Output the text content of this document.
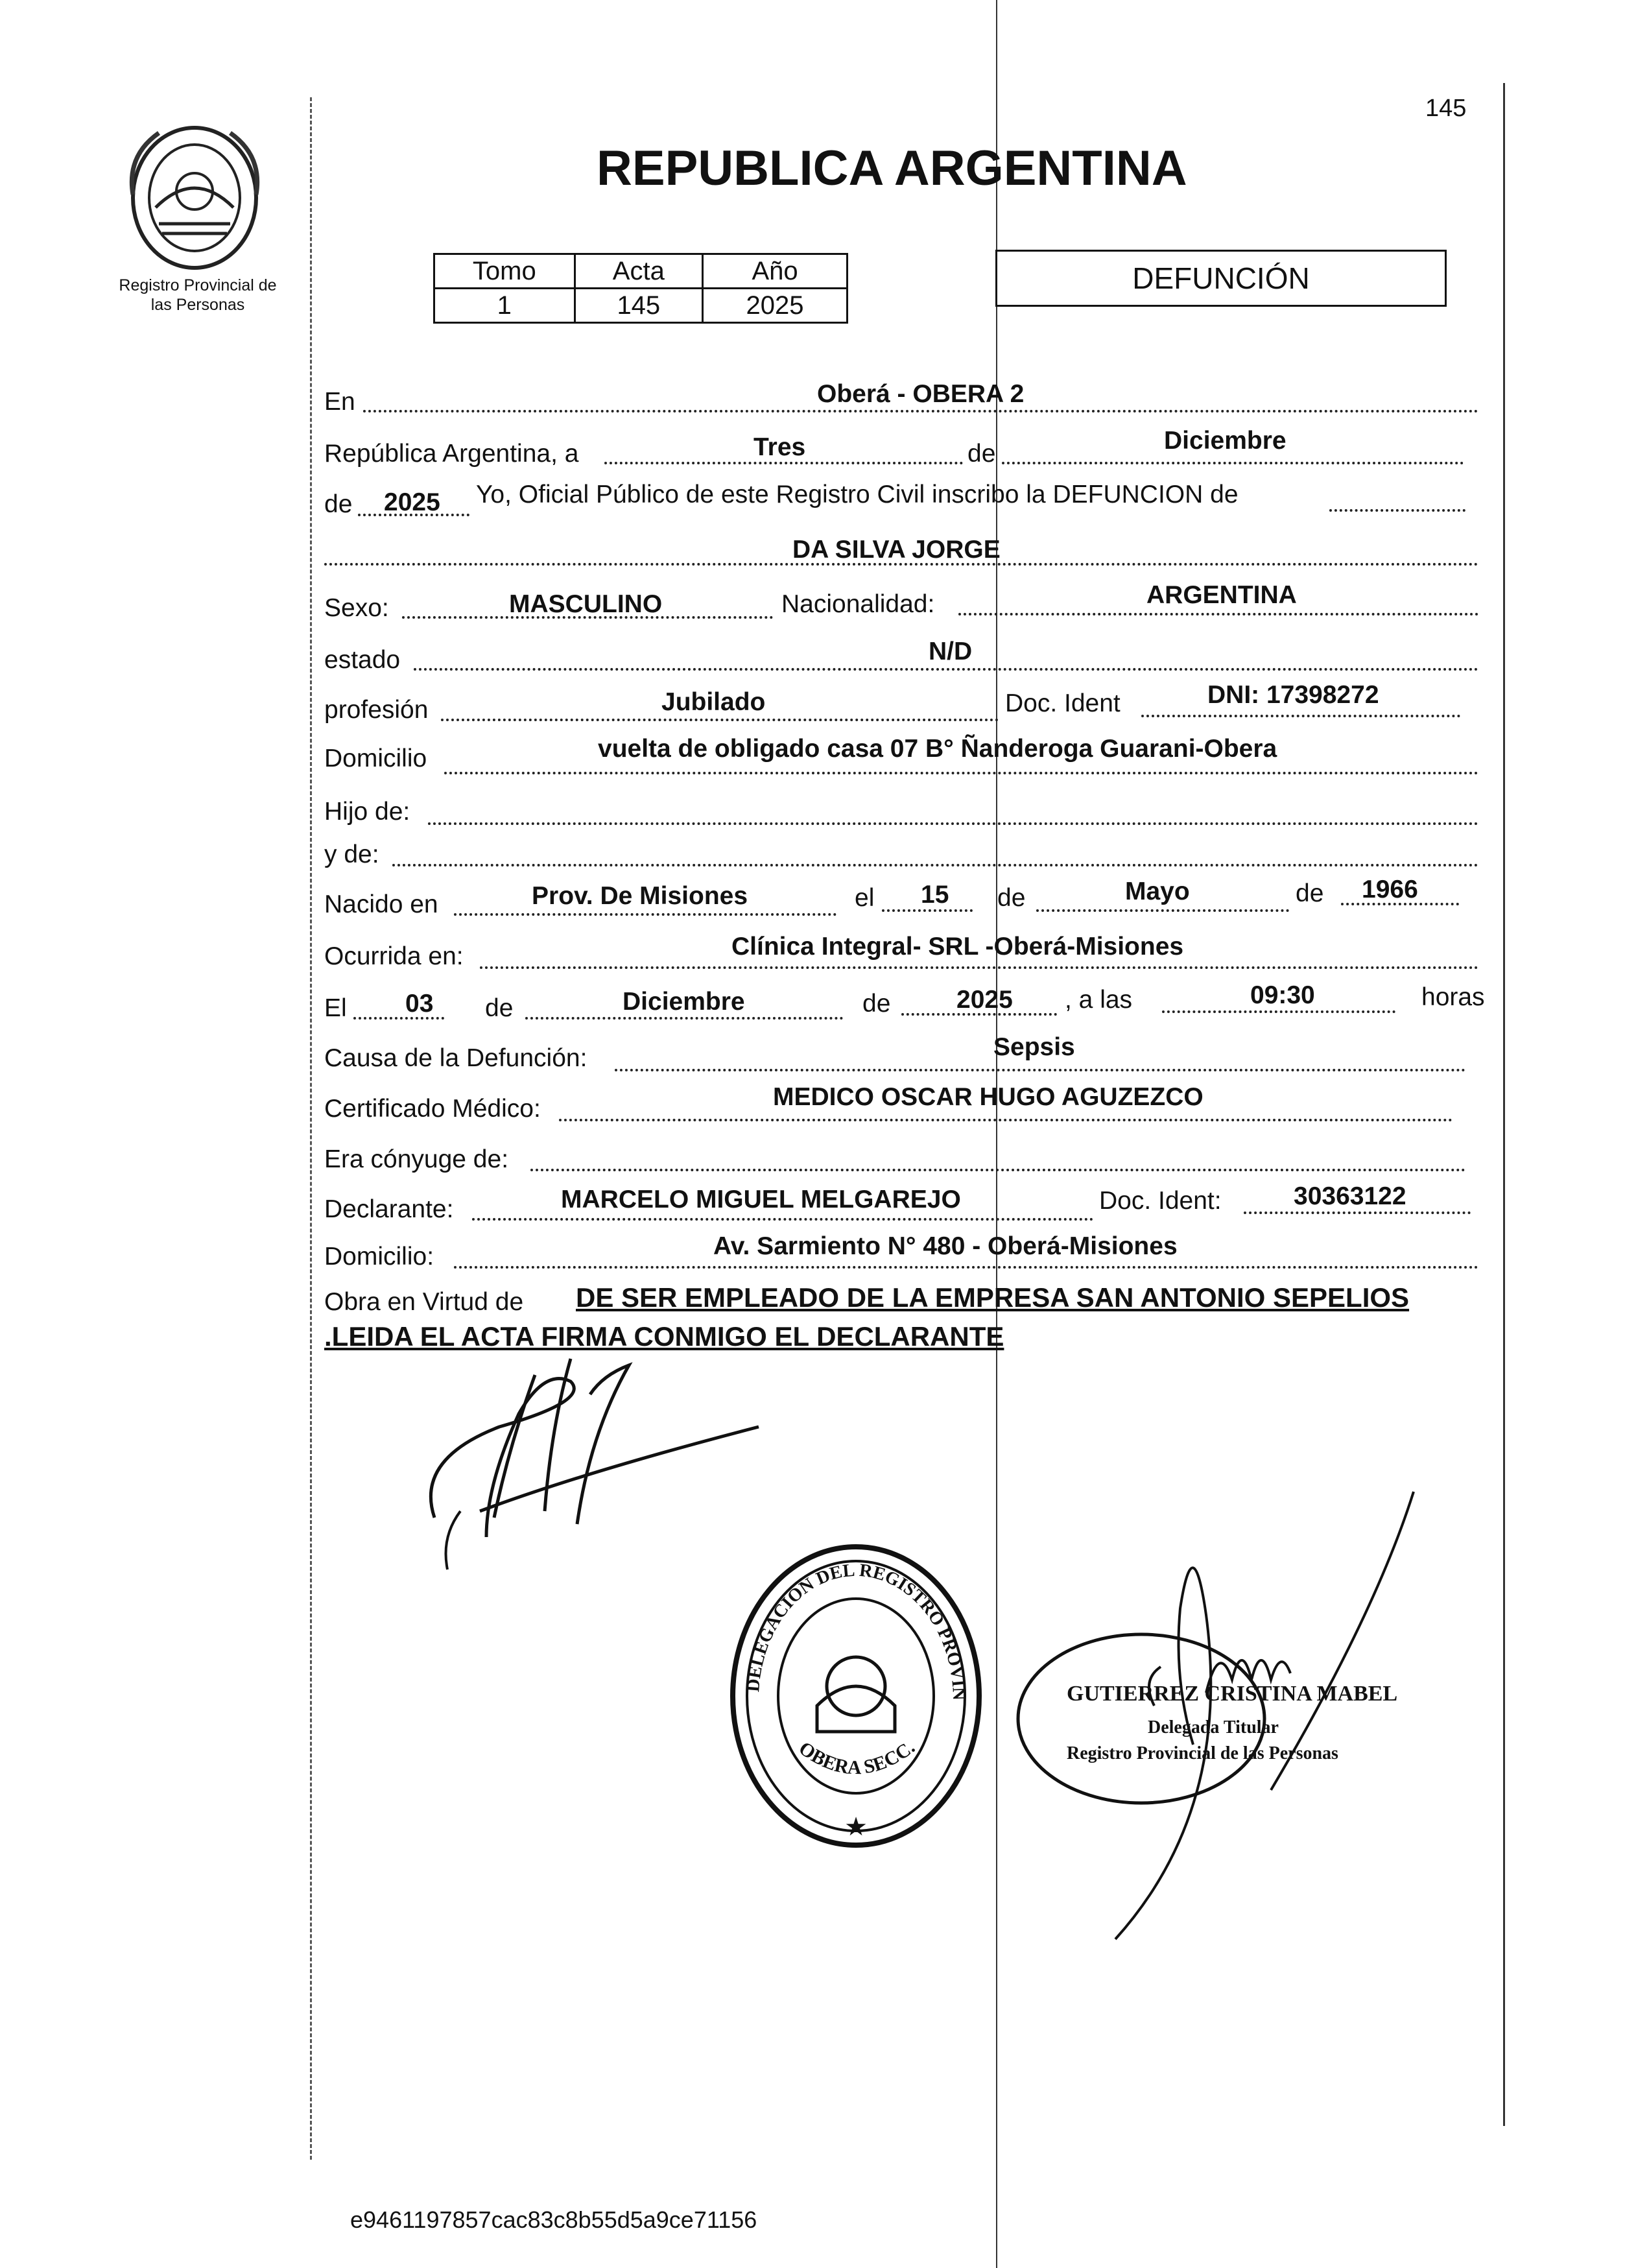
145
Registro Provincial de
las Personas
REPUBLICA ARGENTINA
Tomo	Acta	Año
1	145	2025
DEFUNCIÓN
En	Oberá - OBERA 2
República Argentina, a	Tres	de	Diciembre
de 2025 Yo, Oficial Público de este Registro Civil inscribo la DEFUNCION de
DA SILVA JORGE
Sexo:	MASCULINO	Nacionalidad:	ARGENTINA
estado	N/D
profesión	Jubilado	Doc. Ident	DNI: 17398272
Domicilio	vuelta de obligado casa 07 B° Ñanderoga Guarani-Obera
Hijo de:
y de:
Nacido en	Prov. De Misiones	el 15 de	Mayo	de 1966
Ocurrida en:	Clínica Integral- SRL -Oberá-Misiones
El 03 de	Diciembre	de	2025 , a las	09:30	horas
Causa de la Defunción:	Sepsis
Certificado Médico:	MEDICO OSCAR HUGO AGUZEZCO
Era cónyuge de:
Declarante:	MARCELO MIGUEL MELGAREJO	Doc. Ident:	30363122
Domicilio:	Av. Sarmiento N° 480 - Oberá-Misiones
Obra en Virtud de DE SER EMPLEADO DE LA EMPRESA SAN ANTONIO SEPELIOS
.LEIDA EL ACTA FIRMA CONMIGO EL DECLARANTE
DELEGACION DEL REGISTRO PROVIN
OBERA SECC.
★
GUTIERREZ CRISTINA MABEL
Delegada Titular
Registro Provincial de las Personas
e9461197857cac83c8b55d5a9ce71156
